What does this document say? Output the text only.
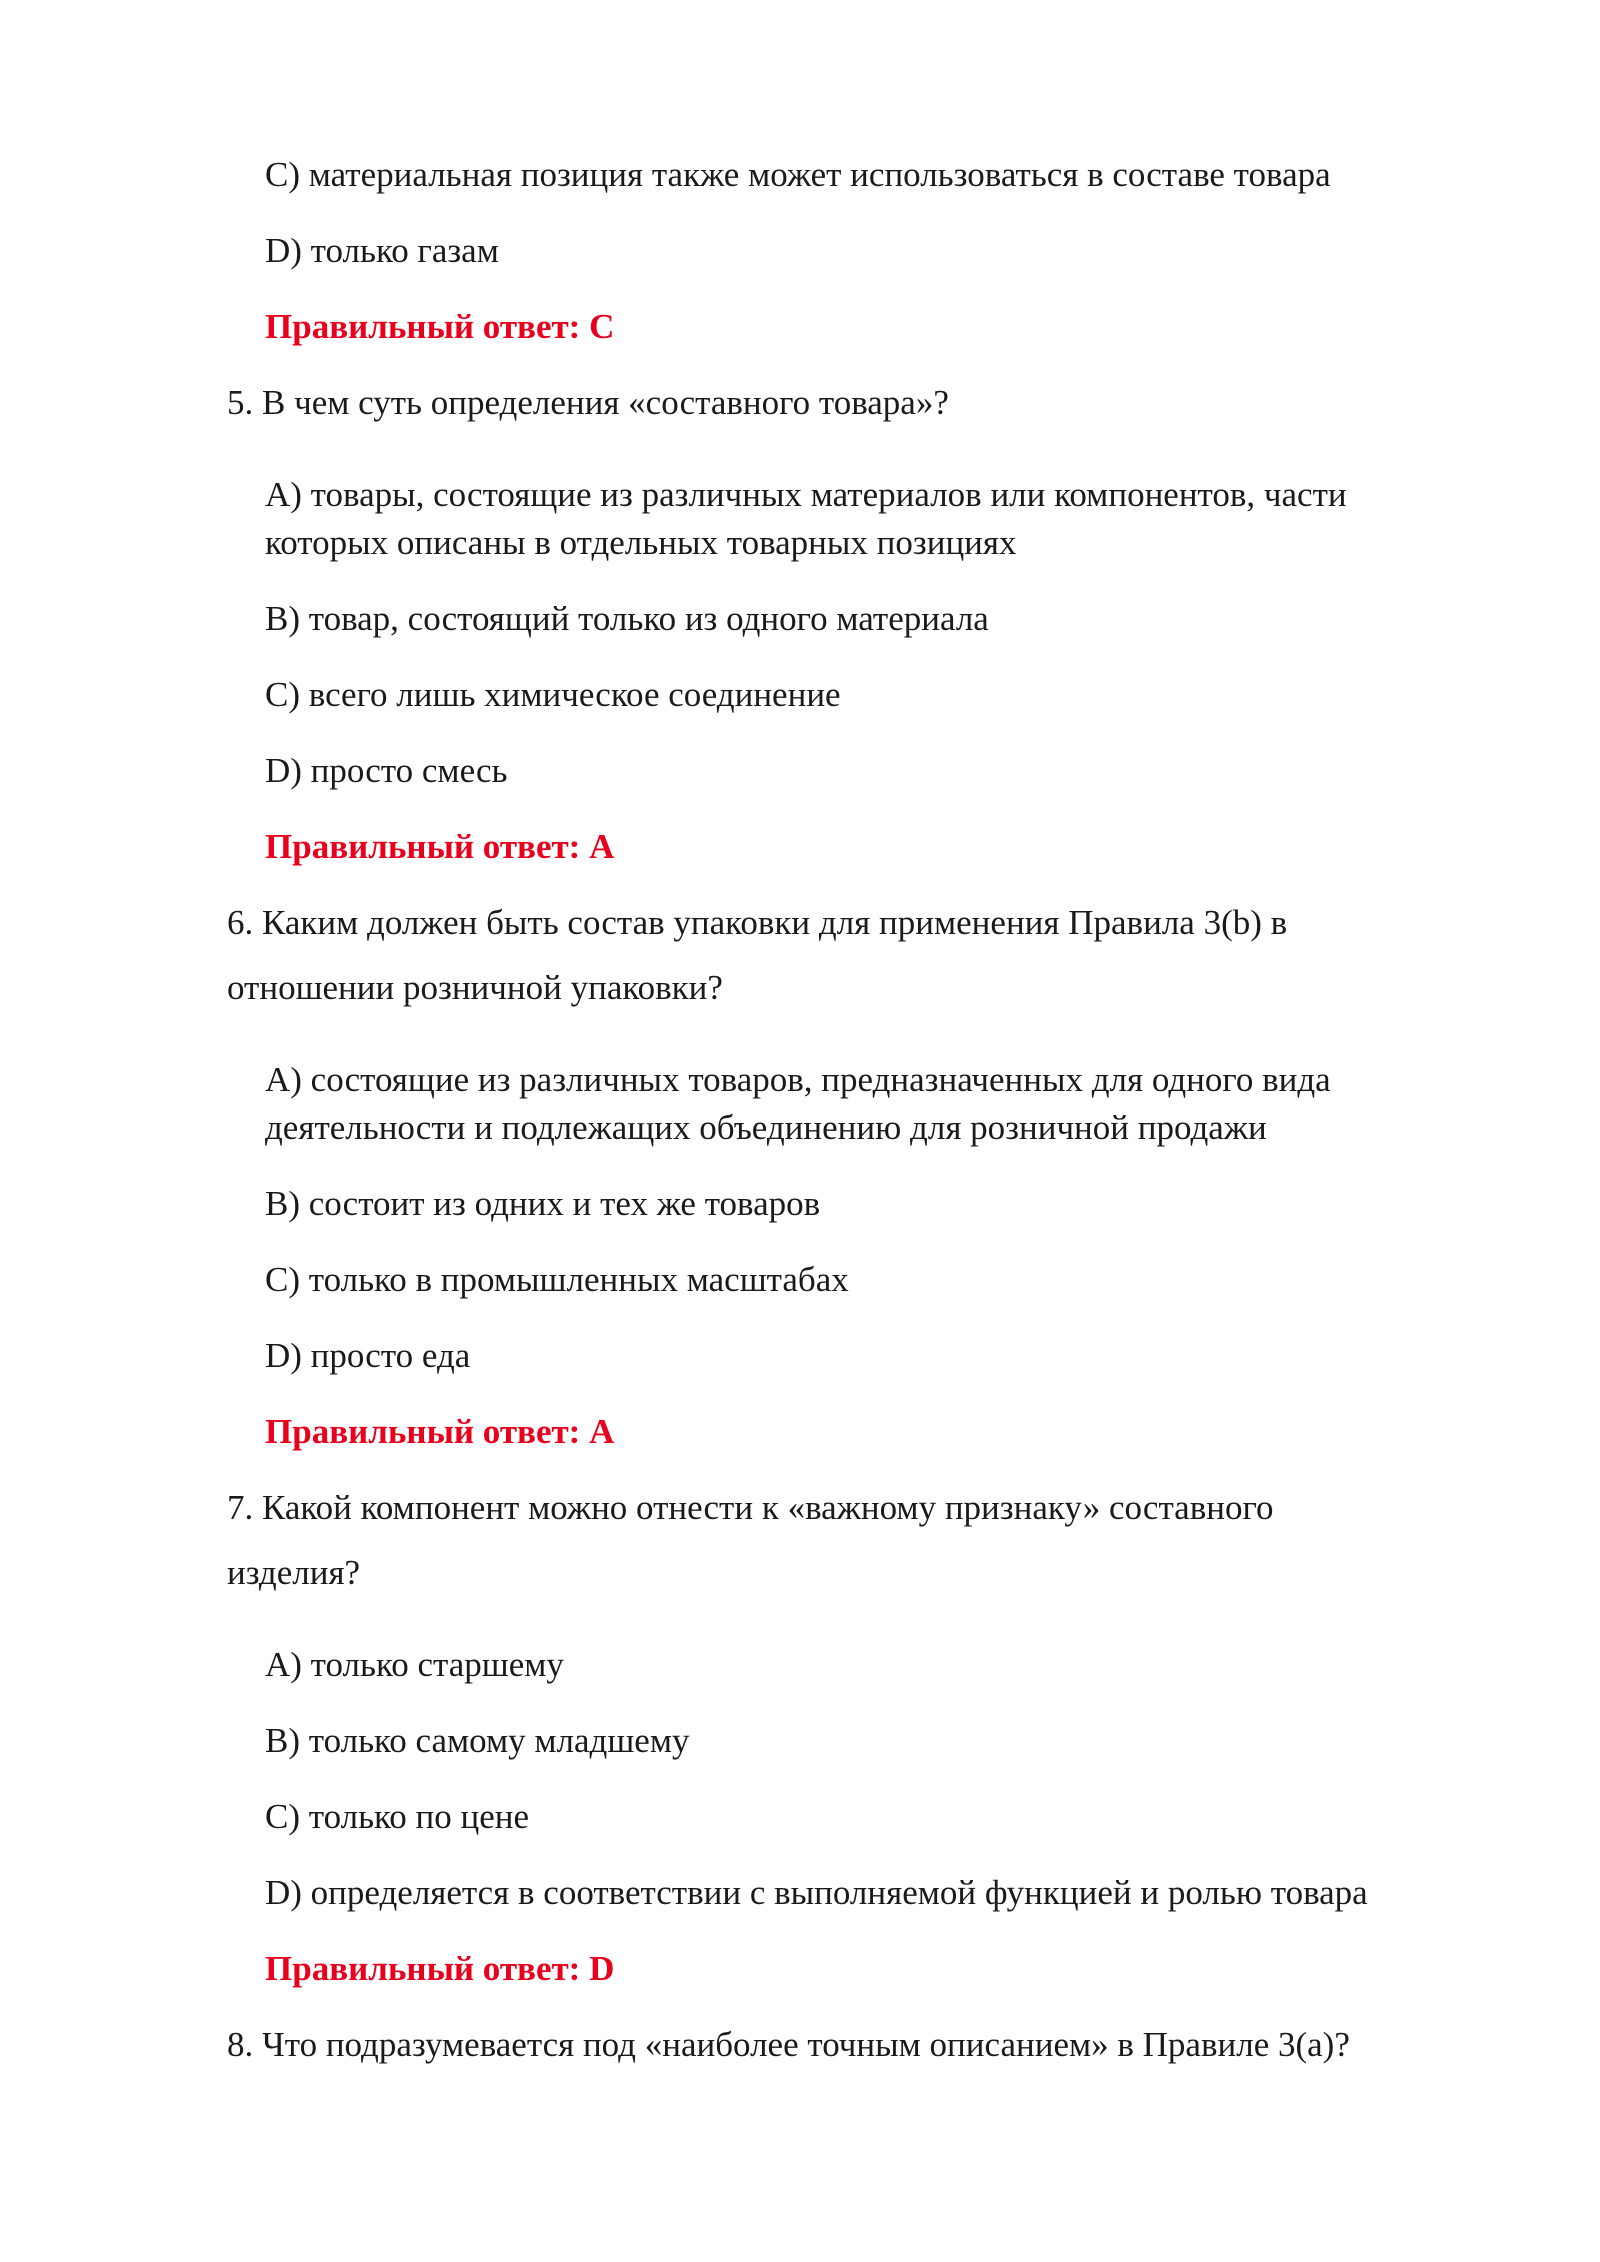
C) материальная позиция также может использоваться в составе товара

D) только газам

Правильный ответ: C

5. В чем суть определения «составного товара»?

A) товары, состоящие из различных материалов или компонентов, части

которых описаны в отдельных товарных позициях

B) товар, состоящий только из одного материала

C) всего лишь химическое соединение

D) просто смесь

Правильный ответ: A

6. Каким должен быть состав упаковки для применения Правила 3(b) в

отношении розничной упаковки?

A) состоящие из различных товаров, предназначенных для одного вида

деятельности и подлежащих объединению для розничной продажи

B) состоит из одних и тех же товаров

C) только в промышленных масштабах

D) просто еда

Правильный ответ: A

7. Какой компонент можно отнести к «важному признаку» составного

изделия?

A) только старшему

B) только самому младшему

C) только по цене

D) определяется в соответствии с выполняемой функцией и ролью товара

Правильный ответ: D

8. Что подразумевается под «наиболее точным описанием» в Правиле 3(a)?
